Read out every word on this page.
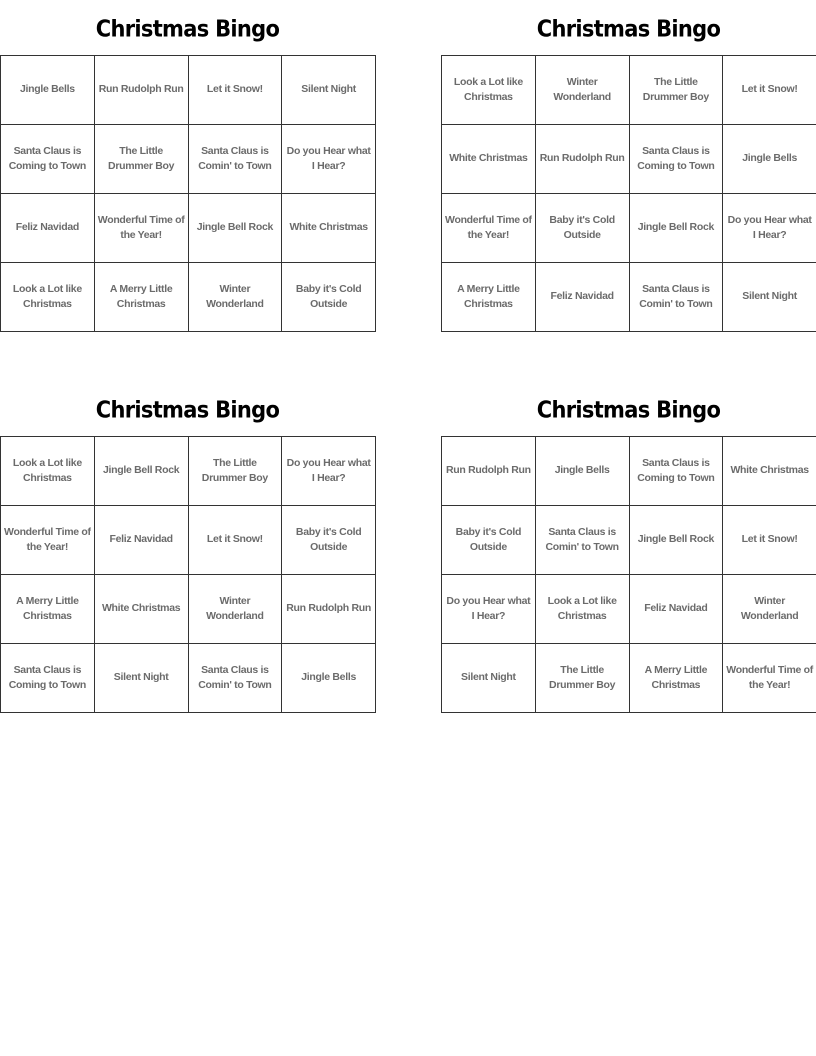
Christmas Bingo
Jingle Bells	Run Rudolph Run	Let it Snow!	Silent Night
Santa Claus is Coming to Town	The Little Drummer Boy	Santa Claus is Comin' to Town	Do you Hear what I Hear?
Feliz Navidad	Wonderful Time of the Year!	Jingle Bell Rock	White Christmas
Look a Lot like Christmas	A Merry Little Christmas	Winter Wonderland	Baby it's Cold Outside
Christmas Bingo
Look a Lot like Christmas	Winter Wonderland	The Little Drummer Boy	Let it Snow!
White Christmas	Run Rudolph Run	Santa Claus is Coming to Town	Jingle Bells
Wonderful Time of the Year!	Baby it's Cold Outside	Jingle Bell Rock	Do you Hear what I Hear?
A Merry Little Christmas	Feliz Navidad	Santa Claus is Comin' to Town	Silent Night
Christmas Bingo
Look a Lot like Christmas	Jingle Bell Rock	The Little Drummer Boy	Do you Hear what I Hear?
Wonderful Time of the Year!	Feliz Navidad	Let it Snow!	Baby it's Cold Outside
A Merry Little Christmas	White Christmas	Winter Wonderland	Run Rudolph Run
Santa Claus is Coming to Town	Silent Night	Santa Claus is Comin' to Town	Jingle Bells
Christmas Bingo
Run Rudolph Run	Jingle Bells	Santa Claus is Coming to Town	White Christmas
Baby it's Cold Outside	Santa Claus is Comin' to Town	Jingle Bell Rock	Let it Snow!
Do you Hear what I Hear?	Look a Lot like Christmas	Feliz Navidad	Winter Wonderland
Silent Night	The Little Drummer Boy	A Merry Little Christmas	Wonderful Time of the Year!
